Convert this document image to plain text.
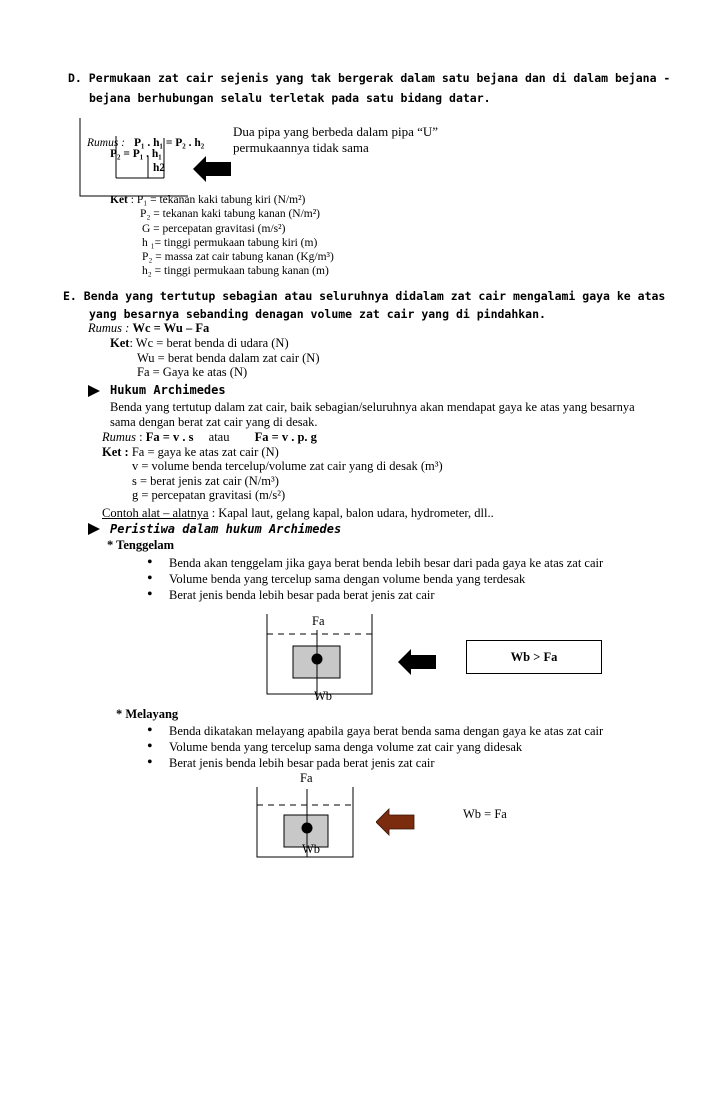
D. Permukaan zat cair sejenis yang tak bergerak dalam satu bejana dan di dalam bejana -
bejana berhubungan selalu terletak pada satu bidang datar.
Rumus : P₁ . h₁ = P₂ . h₂
P₂ = P₁ . h₁
h2
Dua pipa yang berbeda dalam pipa “U”
permukaannya tidak sama
Ket : P₁ = tekanan kaki tabung kiri (N/m²)
P₂ = tekanan kaki tabung kanan (N/m²)
G = percepatan gravitasi (m/s²)
h ₁= tinggi permukaan tabung kiri (m)
P₂ = massa zat cair tabung kanan (Kg/m³)
h₂ = tinggi permukaan tabung kanan (m)
E. Benda yang tertutup sebagian atau seluruhnya didalam zat cair mengalami gaya ke atas
yang besarnya sebanding denagan volume zat cair yang di pindahkan.
Rumus : Wc = Wu – Fa
Ket: Wc = berat benda di udara (N)
Wu = berat benda dalam zat cair (N)
Fa = Gaya ke atas (N)
Hukum Archimedes
Benda yang tertutup dalam zat cair, baik sebagian/seluruhnya akan mendapat gaya ke atas yang besarnya
sama dengan berat zat cair yang di desak.
Rumus : Fa = v . s atau Fa = v . p. g
Ket : Fa = gaya ke atas zat cair (N)
v = volume benda tercelup/volume zat cair yang di desak (m³)
s = berat jenis zat cair (N/m³)
g = percepatan gravitasi (m/s²)
Contoh alat – alatnya : Kapal laut, gelang kapal, balon udara, hydrometer, dll..
Peristiwa dalam hukum Archimedes
* Tenggelam
• Benda akan tenggelam jika gaya berat benda lebih besar dari pada gaya ke atas zat cair
• Volume benda yang tercelup sama dengan volume benda yang terdesak
• Berat jenis benda lebih besar pada berat jenis zat cair
Fa
Wb
Wb > Fa
* Melayang
• Benda dikatakan melayang apabila gaya berat benda sama dengan gaya ke atas zat cair
• Volume benda yang tercelup sama denga volume zat cair yang didesak
• Berat jenis benda lebih besar pada berat jenis zat cair
Fa
Wb
Wb = Fa
